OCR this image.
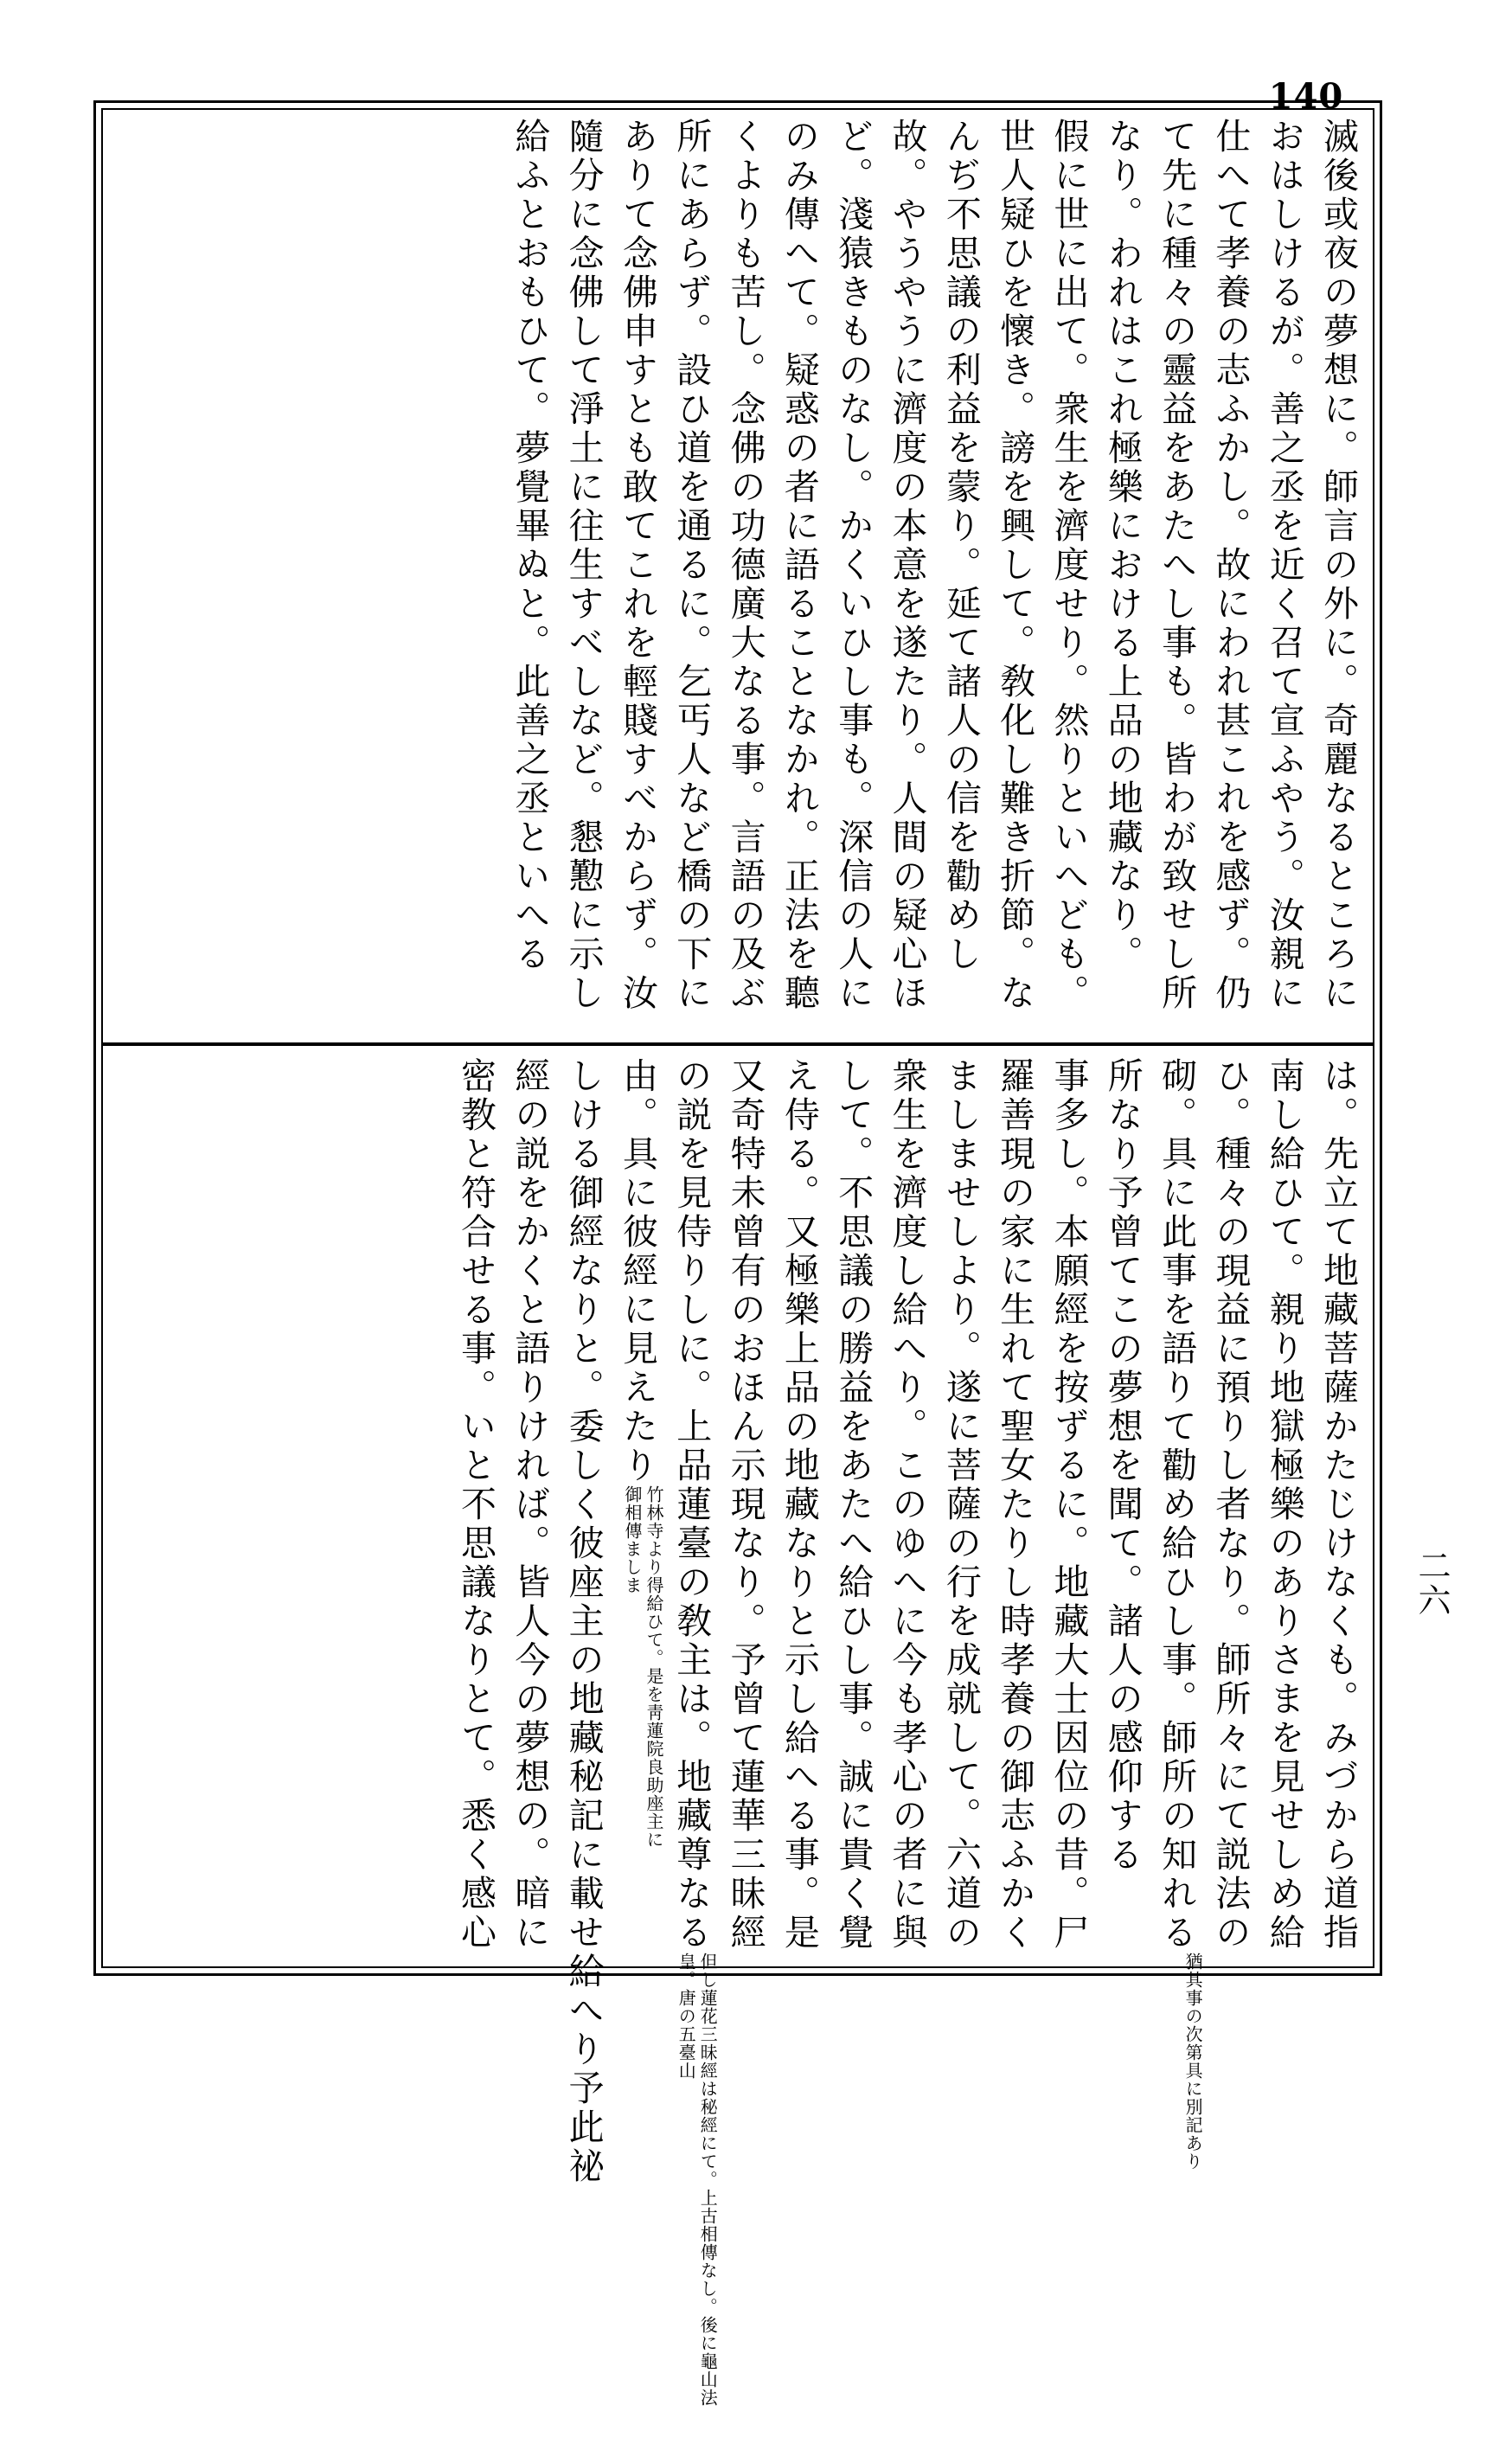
140
二六
滅後或夜の夢想に。師言の外に。奇麗なるところに
おはしけるが。善之丞を近く召て宣ふやう。汝親に
仕へて孝養の志ふかし。故にわれ甚これを感ず。仍
て先に種々の靈益をあたへし事も。皆わが致せし所
なり。われはこれ極樂における上品の地藏なり。
假に世に出て。衆生を濟度せり。然りといへども。
世人疑ひを懷き。謗を興して。敎化し難き折節。な
んぢ不思議の利益を蒙り。延て諸人の信を勸めし
故。やうやうに濟度の本意を遂たり。人間の疑心ほ
ど。淺猿きものなし。かくいひし事も。深信の人に
のみ傳へて。疑惑の者に語ることなかれ。正法を聽
くよりも苦し。念佛の功德廣大なる事。言語の及ぶ
所にあらず。設ひ道を通るに。乞丐人など橋の下に
ありて念佛申すとも敢てこれを輕賤すべからず。汝
隨分に念佛して淨土に往生すべしなど。懇懃に示し
給ふとおもひて。夢覺畢ぬと。此善之丞といへる
は。先立て地藏菩薩かたじけなくも。みづから道指
南し給ひて。親り地獄極樂のありさまを見せしめ給
ひ。種々の現益に預りし者なり。師所々にて説法の
砌。具に此事を語りて勸め給ひし事。師所の知れる猶其事の次第具に別記あり
所なり予曾てこの夢想を聞て。諸人の感仰する
事多し。本願經を按ずるに。地藏大士因位の昔。尸
羅善現の家に生れて聖女たりし時孝養の御志ふかく
ましませしより。遂に菩薩の行を成就して。六道の
衆生を濟度し給へり。このゆへに今も孝心の者に與
して。不思議の勝益をあたへ給ひし事。誠に貴く覺
え侍る。又極樂上品の地藏なりと示し給へる事。是
又奇特未曾有のおほん示現なり。予曾て蓮華三昧經
の説を見侍りしに。上品蓮臺の敎主は。地藏尊なる但し蓮花三昧經は秘經にて。上古相傳なし。後に龜山法皇。唐の五臺山
由。具に彼經に見えたり竹林寺より得給ひて。是を靑蓮院良助座主に御相傳ましま
しける御經なりと。委しく彼座主の地藏秘記に載せ給へり予此祕
經の説をかくと語りければ。皆人今の夢想の。暗に
密教と符合せる事。いと不思議なりとて。悉く感心
